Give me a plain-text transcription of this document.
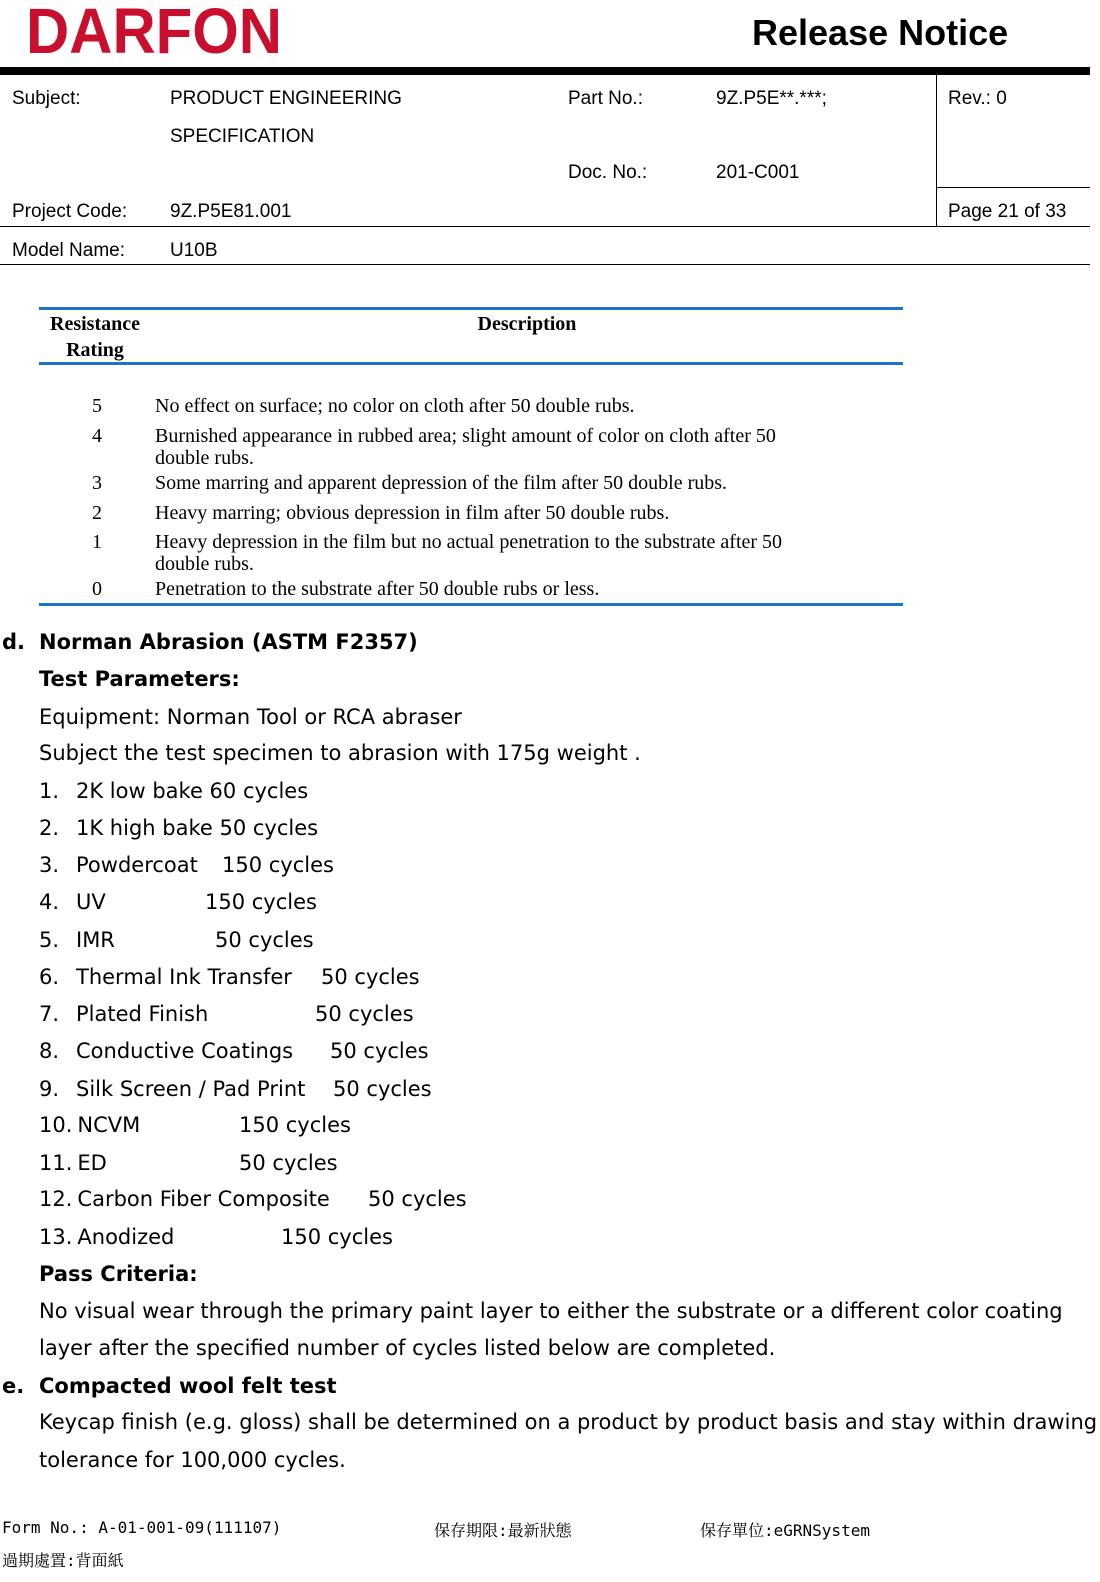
DARFON	Release Notice
Subject:	PRODUCT ENGINEERING
SPECIFICATION
Part No.:	9Z.P5E**.***;
Doc. No.:	201-C001
Rev.: 0
Project Code: 9Z.P5E81.001	Page 21 of 33
Model Name: U10B
Resistance
Rating
Description
5	No effect on surface; no color on cloth after 50 double rubs.
4	Burnished appearance in rubbed area; slight amount of color on cloth after 50
double rubs.
3	Some marring and apparent depression of the film after 50 double rubs.
2	Heavy marring; obvious depression in film after 50 double rubs.
1	Heavy depression in the film but no actual penetration to the substrate after 50
double rubs.
0	Penetration to the substrate after 50 double rubs or less.
d. Norman Abrasion (ASTM F2357)
Test Parameters:
Equipment: Norman Tool or RCA abraser
Subject the test specimen to abrasion with 175g weight .
1. 2K low bake 60 cycles
2. 1K high bake 50 cycles
3. Powdercoat 150 cycles
4. UV	150 cycles
5. IMR	50 cycles
6. Thermal Ink Transfer 50 cycles
7. Plated Finish	50 cycles
8. Conductive Coatings 50 cycles
9. Silk Screen / Pad Print 50 cycles
10. NCVM	150 cycles
11. ED	50 cycles
12. Carbon Fiber Composite 50 cycles
13. Anodized	150 cycles
Pass Criteria:
No visual wear through the primary paint layer to either the substrate or a different color coating
layer after the specified number of cycles listed below are completed.
e. Compacted wool felt test
Keycap finish (e.g. gloss) shall be determined on a product by product basis and stay within drawing
tolerance for 100,000 cycles.
Form No.: A-01-001-09(111107)	保存期限:最新狀態	保存單位:eGRNSystem
過期處置:背面紙
